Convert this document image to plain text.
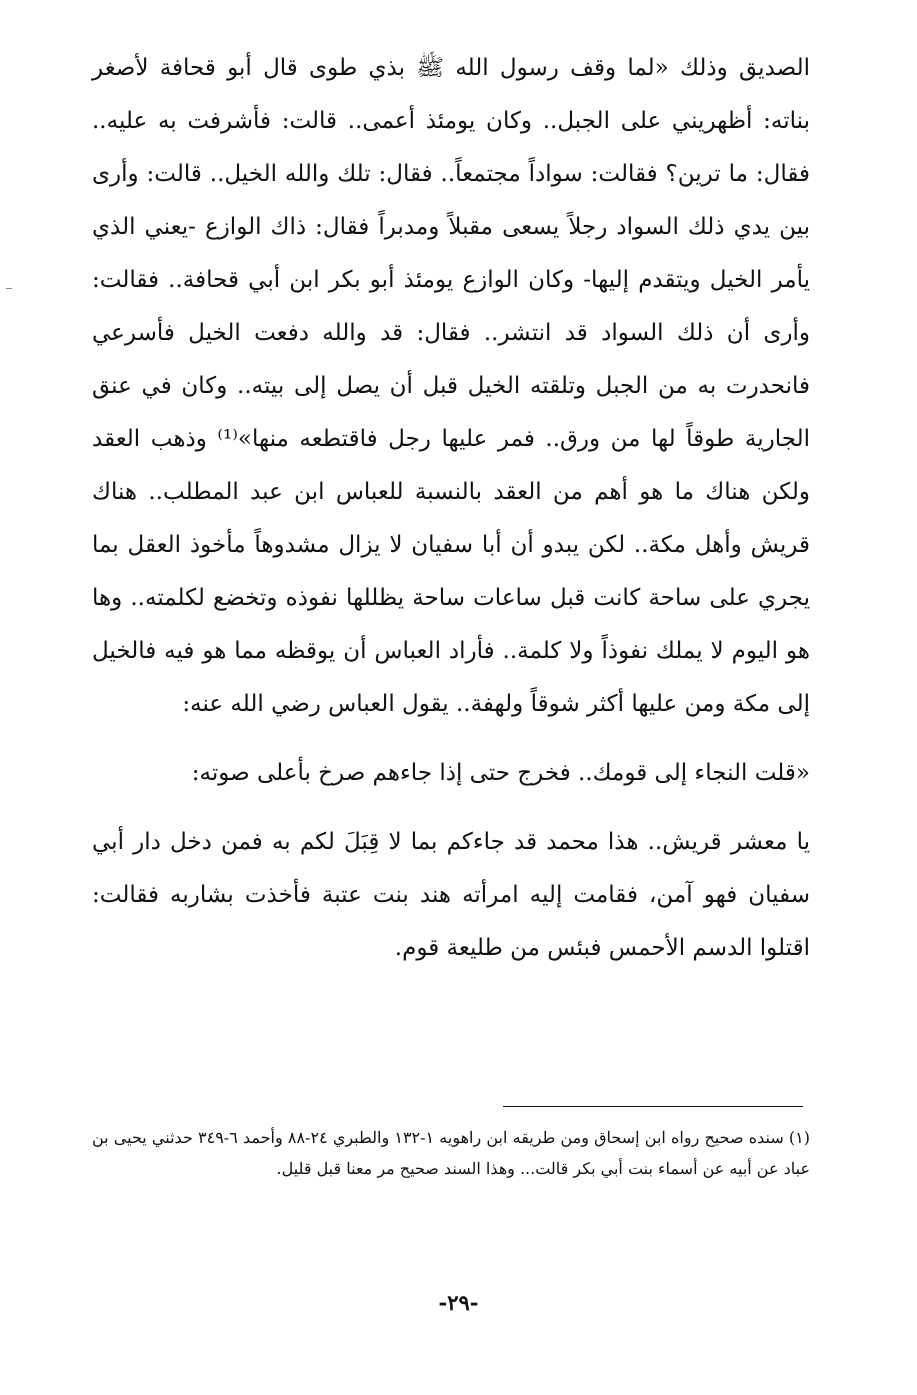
الصديق وذلك «لما وقف رسول الله ﷺ بذي طوى قال أبو قحافة لأصغر بناته: أظهريني على الجبل.. وكان يومئذ أعمى.. قالت: فأشرفت به عليه.. فقال: ما ترين؟ فقالت: سواداً مجتمعاً.. فقال: تلك والله الخيل.. قالت: وأرى بين يدي ذلك السواد رجلاً يسعى مقبلاً ومدبراً فقال: ذاك الوازع -يعني الذي يأمر الخيل ويتقدم إليها- وكان الوازع يومئذ أبو بكر ابن أبي قحافة.. فقالت: وأرى أن ذلك السواد قد انتشر.. فقال: قد والله دفعت الخيل فأسرعي فانحدرت به من الجبل وتلقته الخيل قبل أن يصل إلى بيته.. وكان في عنق الجارية طوقاً لها من ورق.. فمر عليها رجل فاقتطعه منها»⁽¹⁾ وذهب العقد ولكن هناك ما هو أهم من العقد بالنسبة للعباس ابن عبد المطلب.. هناك قريش وأهل مكة.. لكن يبدو أن أبا سفيان لا يزال مشدوهاً مأخوذ العقل بما يجري على ساحة كانت قبل ساعات ساحة يظللها نفوذه وتخضع لكلمته.. وها هو اليوم لا يملك نفوذاً ولا كلمة.. فأراد العباس أن يوقظه مما هو فيه فالخيل إلى مكة ومن عليها أكثر شوقاً ولهفة.. يقول العباس رضي الله عنه:

«قلت النجاء إلى قومك.. فخرج حتى إذا جاءهم صرخ بأعلى صوته:

يا معشر قريش.. هذا محمد قد جاءكم بما لا قِبَلَ لكم به فمن دخل دار أبي سفيان فهو آمن، فقامت إليه امرأته هند بنت عتبة فأخذت بشاربه فقالت: اقتلوا الدسم الأحمس فبئس من طليعة قوم.

(١) سنده صحيح رواه ابن إسحاق ومن طريقه ابن راهويه ١-١٣٢ والطبري ٢٤-٨٨ وأحمد ٦-٣٤٩ حدثني يحيى بن عباد عن أبيه عن أسماء بنت أبي بكر قالت... وهذا السند صحيح مر معنا قبل قليل.

-٢٩-
